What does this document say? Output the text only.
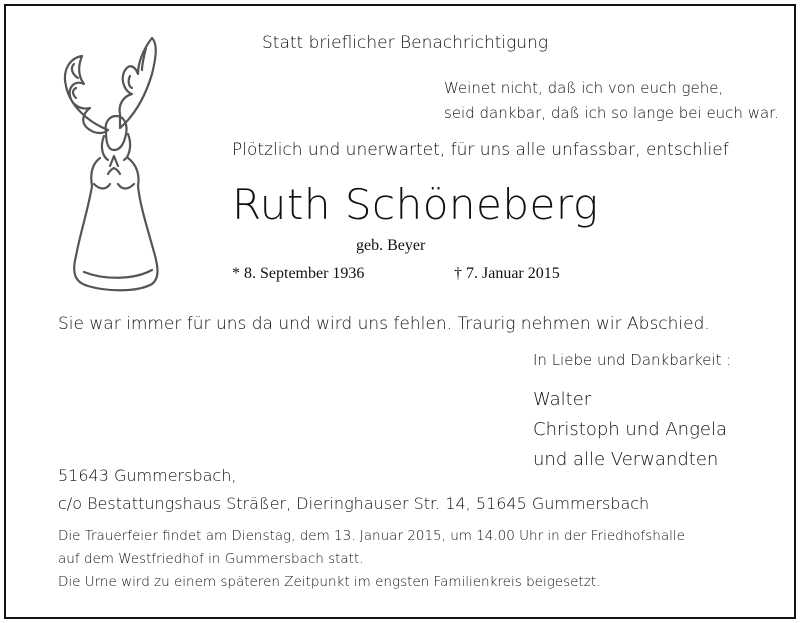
Statt brieflicher Benachrichtigung
Weinet nicht, daß ich von euch gehe,
seid dankbar, daß ich so lange bei euch war.
Plötzlich und unerwartet, für uns alle unfassbar, entschlief
Ruth Schöneberg
geb. Beyer
* 8. September 1936	† 7. Januar 2015
Sie war immer für uns da und wird uns fehlen. Traurig nehmen wir Abschied.
In Liebe und Dankbarkeit :
Walter
Christoph und Angela
und alle Verwandten
51643 Gummersbach,
c/o Bestattungshaus Sträßer, Dieringhauser Str. 14, 51645 Gummersbach
Die Trauerfeier findet am Dienstag, dem 13. Januar 2015, um 14.00 Uhr in der Friedhofshalle
auf dem Westfriedhof in Gummersbach statt.
Die Urne wird zu einem späteren Zeitpunkt im engsten Familienkreis beigesetzt.
